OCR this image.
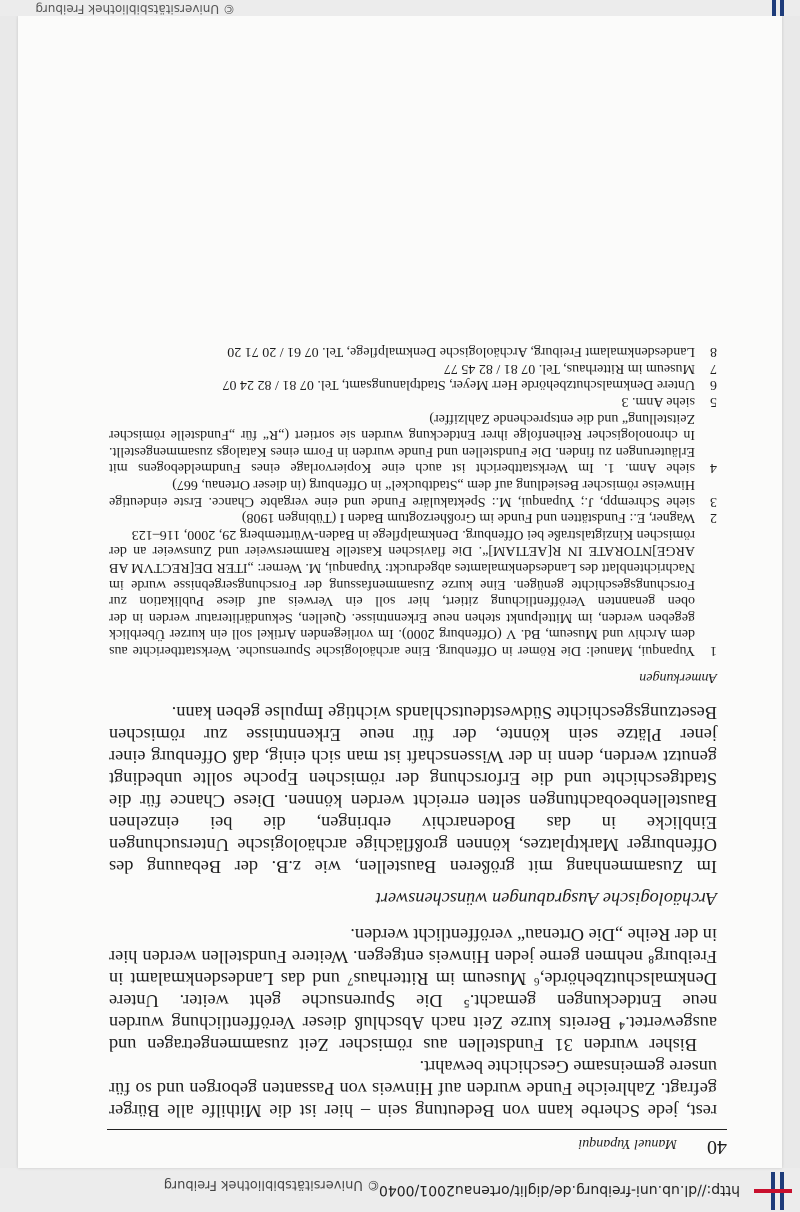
© Universitätsbibliothek Freiburg
http://dl.ub.uni-freiburg.de/diglit/ortenau2001/0040
40
Manuel Yupanqui

rest, jede Scherbe kann von Bedeutung sein – hier ist die Mithilfe alle Bürger gefragt. Zahlreiche Funde wurden auf Hinweis von Passanten geborgen und so für unsere gemeinsame Geschichte bewahrt.

Bisher wurden 31 Fundstellen aus römischer Zeit zusammengetragen und ausgewertet.⁴ Bereits kurze Zeit nach Abschluß dieser Veröffentlichung wurden neue Entdeckungen gemacht.⁵ Die Spurensuche geht weiter. Untere Denkmalschutzbehörde,⁶ Museum im Ritterhaus⁷ und das Landesdenkmalamt in Freiburg⁸ nehmen gerne jeden Hinweis entgegen. Weitere Fundstellen werden hier in der Reihe „Die Ortenau“ veröffentlicht werden.

Archäologische Ausgrabungen wünschenswert

Im Zusammenhang mit größeren Baustellen, wie z.B. der Bebauung des Offenburger Marktplatzes, können großflächige archäologische Untersuchungen Einblicke in das Bodenarchiv erbringen, die bei einzelnen Baustellenbeobachtungen selten erreicht werden können. Diese Chance für die Stadtgeschichte und die Erforschung der römischen Epoche sollte unbedingt genutzt werden, denn in der Wissenschaft ist man sich einig, daß Offenburg einer jener Plätze sein könnte, der für neue Erkenntnisse zur römischen Besetzungsgeschichte Südwestdeutschlands wichtige Impulse geben kann.

Anmerkungen
1
Yupanqui, Manuel: Die Römer in Offenburg. Eine archäologische Spurensuche. Werkstattberichte aus dem Archiv und Museum, Bd. V (Offenburg 2000). Im vorliegenden Artikel soll ein kurzer Überblick gegeben werden, im Mittelpunkt stehen neue Erkenntnisse. Quellen, Sekundärliteratur werden in der oben genannten Veröffentlichung zitiert, hier soll ein Verweis auf diese Publikation zur Forschungsgeschichte genügen. Eine kurze Zusammenfassung der Forschungsergebnisse wurde im Nachrichtenblatt des Landesdenkmalamtes abgedruckt: Yupanqui, M. Werner: „ITER DE[RECTVM AB ARGE]NTORATE IN R[AETIAM]“. Die flavischen Kastelle Rammersweier und Zunsweier an der römischen Kinzigtalstraße bei Offenburg. Denkmalpflege in Baden-Württemberg 29, 2000, 116–123
2
Wagner, E.: Fundstätten und Funde im Großherzogtum Baden I (Tübingen 1908)
3
siehe Schrempp, J.; Yupanqui, M.: Spektakuläre Funde und eine vergabte Chance. Erste eindeutige Hinweise römischer Besiedlung auf dem „Stadtbuckel“ in Offenburg (in dieser Ortenau, 667)
4
siehe Anm. 1. Im Werkstattbericht ist auch eine Kopiervorlage eines Fundmeldebogens mit Erläuterungen zu finden. Die Fundstellen und Funde wurden in Form eines Katalogs zusammengestellt. In chronologischer Reihenfolge ihrer Entdeckung wurden sie sortiert („R“ für „Fundstelle römischer Zeitstellung“ und die entsprechende Zahlziffer)
5
siehe Anm. 3
6
Untere Denkmalschutzbehörde Herr Meyer, Stadtplanungsamt, Tel. 07 81 / 82 24 07
7
Museum im Ritterhaus, Tel. 07 81 / 82 45 77
8
Landesdenkmalamt Freiburg, Archäologische Denkmalpflege, Tel. 07 61 / 20 71 20
© Universitätsbibliothek Freiburg
